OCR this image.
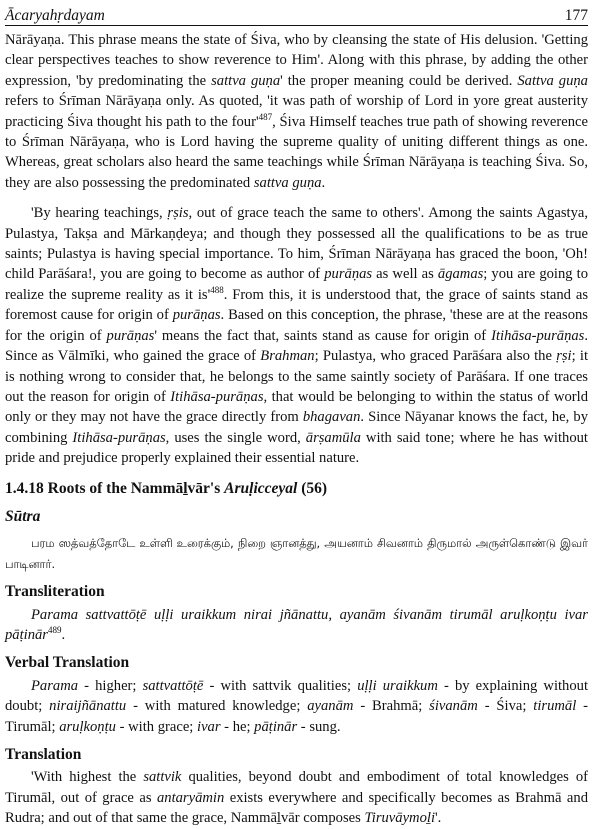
Ācaryahṛdayam	177

Nārāyaṇa. This phrase means the state of Śiva, who by cleansing the state of His delusion. 'Getting clear perspectives teaches to show reverence to Him'. Along with this phrase, by adding the other expression, 'by predominating the sattva guṇa' the proper meaning could be derived. Sattva guṇa refers to Śrīman Nārāyaṇa only. As quoted, 'it was path of worship of Lord in yore great austerity practicing Śiva thought his path to the $four'^{487}$, Śiva Himself teaches true path of showing reverence to Śrīman Nārāyaṇa, who is Lord having the supreme quality of uniting different things as one. Whereas, great scholars also heard the same teachings while Śrīman Nārāyaṇa is teaching Śiva. So, they are also possessing the predominated sattva guṇa.

'By hearing teachings, ṛṣis, out of grace teach the same to others'. Among the saints Agastya, Pulastya, Takṣa and Mārkaṇḍeya; and though they possessed all the qualifications to be as true saints; Pulastya is having special importance. To him, Śrīman Nārāyaṇa has graced the boon, 'Oh! child Parāśara!, you are going to become as author of purāṇas as well as āgamas; you are going to realize the supreme reality as it $is'^{488}$. From this, it is understood that, the grace of saints stand as foremost cause for origin of purāṇas. Based on this conception, the phrase, 'these are at the reasons for the origin of purāṇas' means the fact that, saints stand as cause for origin of Itihāsa-purāṇas. Since as Vālmīki, who gained the grace of Brahman; Pulastya, who graced Parāśara also the ṛṣi; it is nothing wrong to consider that, he belongs to the same saintly society of Parāśara. If one traces out the reason for origin of Itihāsa-purāṇas, that would be belonging to within the status of world only or they may not have the grace directly from bhagavan. Since Nāyanar knows the fact, he, by combining Itihāsa-purāṇas, uses the single word, ārṣamūla with said tone; where he has without pride and prejudice properly explained their essential nature.

1.4.18 Roots of the Nammāḻvār's Aruḷicceyal (56)
Sūtra

பரம ஸத்வத்தோடே உள்ளி உரைக்கும், நிறை ஞானத்து, அயனாம் சிவனாம் திருமால் அருள்கொண்டு இவர் பாடினார்.

Transliteration

Parama sattvattōṭē uḷḷi uraikkum nirai jñānattu, ayanām śivanām tirumāl aruḷkoṇṭu ivar pāṭinār$^{489}$.

Verbal Translation

Parama - higher; sattvattōṭē - with sattvik qualities; uḷḷi uraikkum - by explaining without doubt; niraijñānattu - with matured knowledge; ayanām - Brahmā; śivanām - Śiva; tirumāl - Tirumāl; aruḷkoṇṭu - with grace; ivar - he; pāṭinār - sung.

Translation

'With highest the sattvik qualities, beyond doubt and embodiment of total knowledges of Tirumāl, out of grace as antaryāmin exists everywhere and specifically becomes as Brahmā and Rudra; and out of that same the grace, Nammāḻvār composes Tiruvāymoḻi'.
